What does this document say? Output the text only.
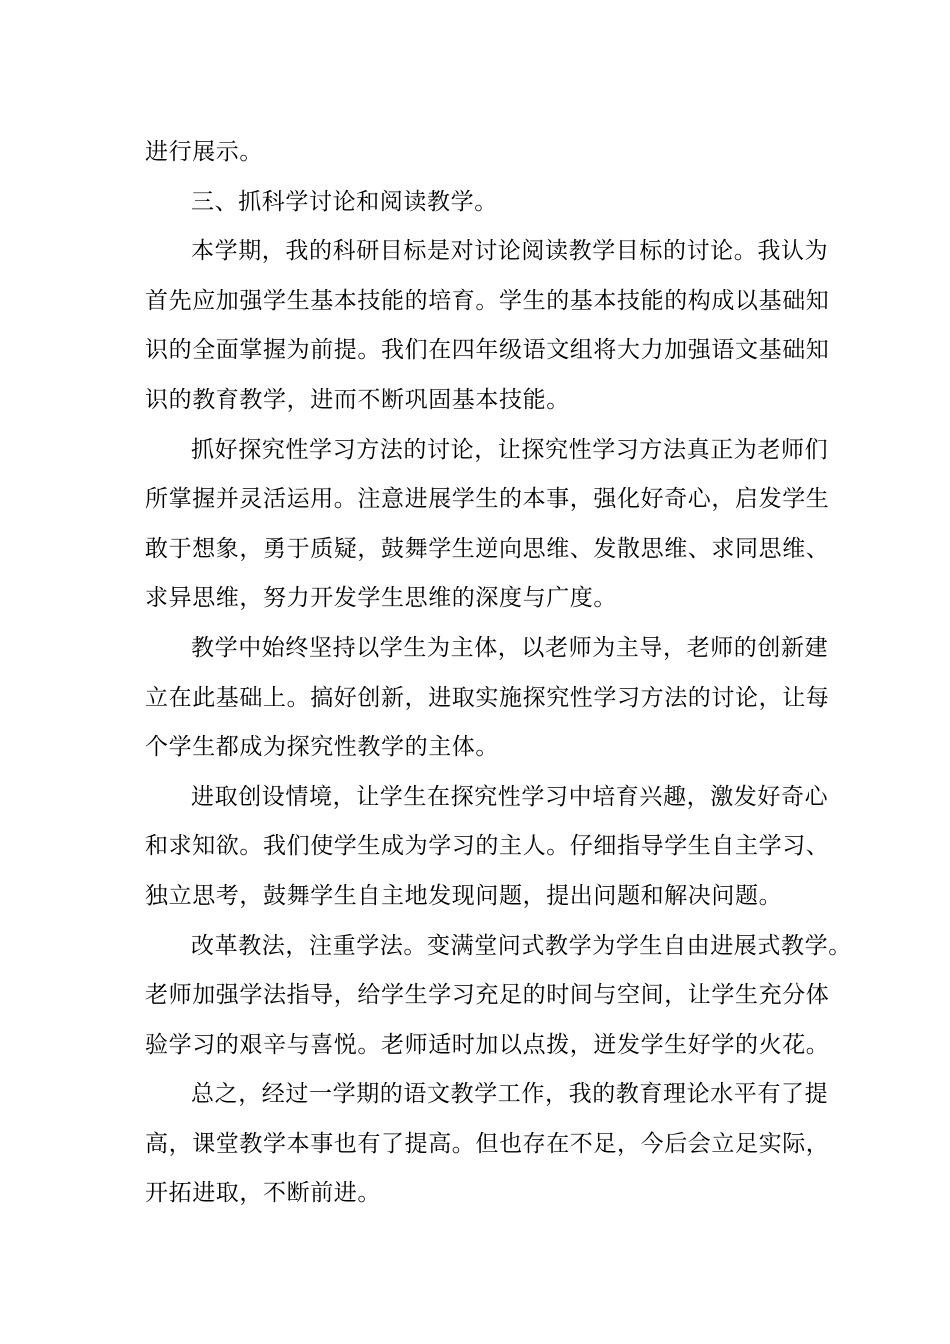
进行展示。
三、抓科学讨论和阅读教学。
本学期，我的科研目标是对讨论阅读教学目标的讨论。我认为
首先应加强学生基本技能的培育。学生的基本技能的构成以基础知
识的全面掌握为前提。我们在四年级语文组将大力加强语文基础知
识的教育教学，进而不断巩固基本技能。
抓好探究性学习方法的讨论，让探究性学习方法真正为老师们
所掌握并灵活运用。注意进展学生的本事，强化好奇心，启发学生
敢于想象，勇于质疑，鼓舞学生逆向思维、发散思维、求同思维、
求异思维，努力开发学生思维的深度与广度。
教学中始终坚持以学生为主体，以老师为主导，老师的创新建
立在此基础上。搞好创新，进取实施探究性学习方法的讨论，让每
个学生都成为探究性教学的主体。
进取创设情境，让学生在探究性学习中培育兴趣，激发好奇心
和求知欲。我们使学生成为学习的主人。仔细指导学生自主学习、
独立思考，鼓舞学生自主地发现问题，提出问题和解决问题。
改革教法，注重学法。变满堂问式教学为学生自由进展式教学。
老师加强学法指导，给学生学习充足的时间与空间，让学生充分体
验学习的艰辛与喜悦。老师适时加以点拨，迸发学生好学的火花。
总之，经过一学期的语文教学工作，我的教育理论水平有了提
高，课堂教学本事也有了提高。但也存在不足，今后会立足实际，
开拓进取，不断前进。
